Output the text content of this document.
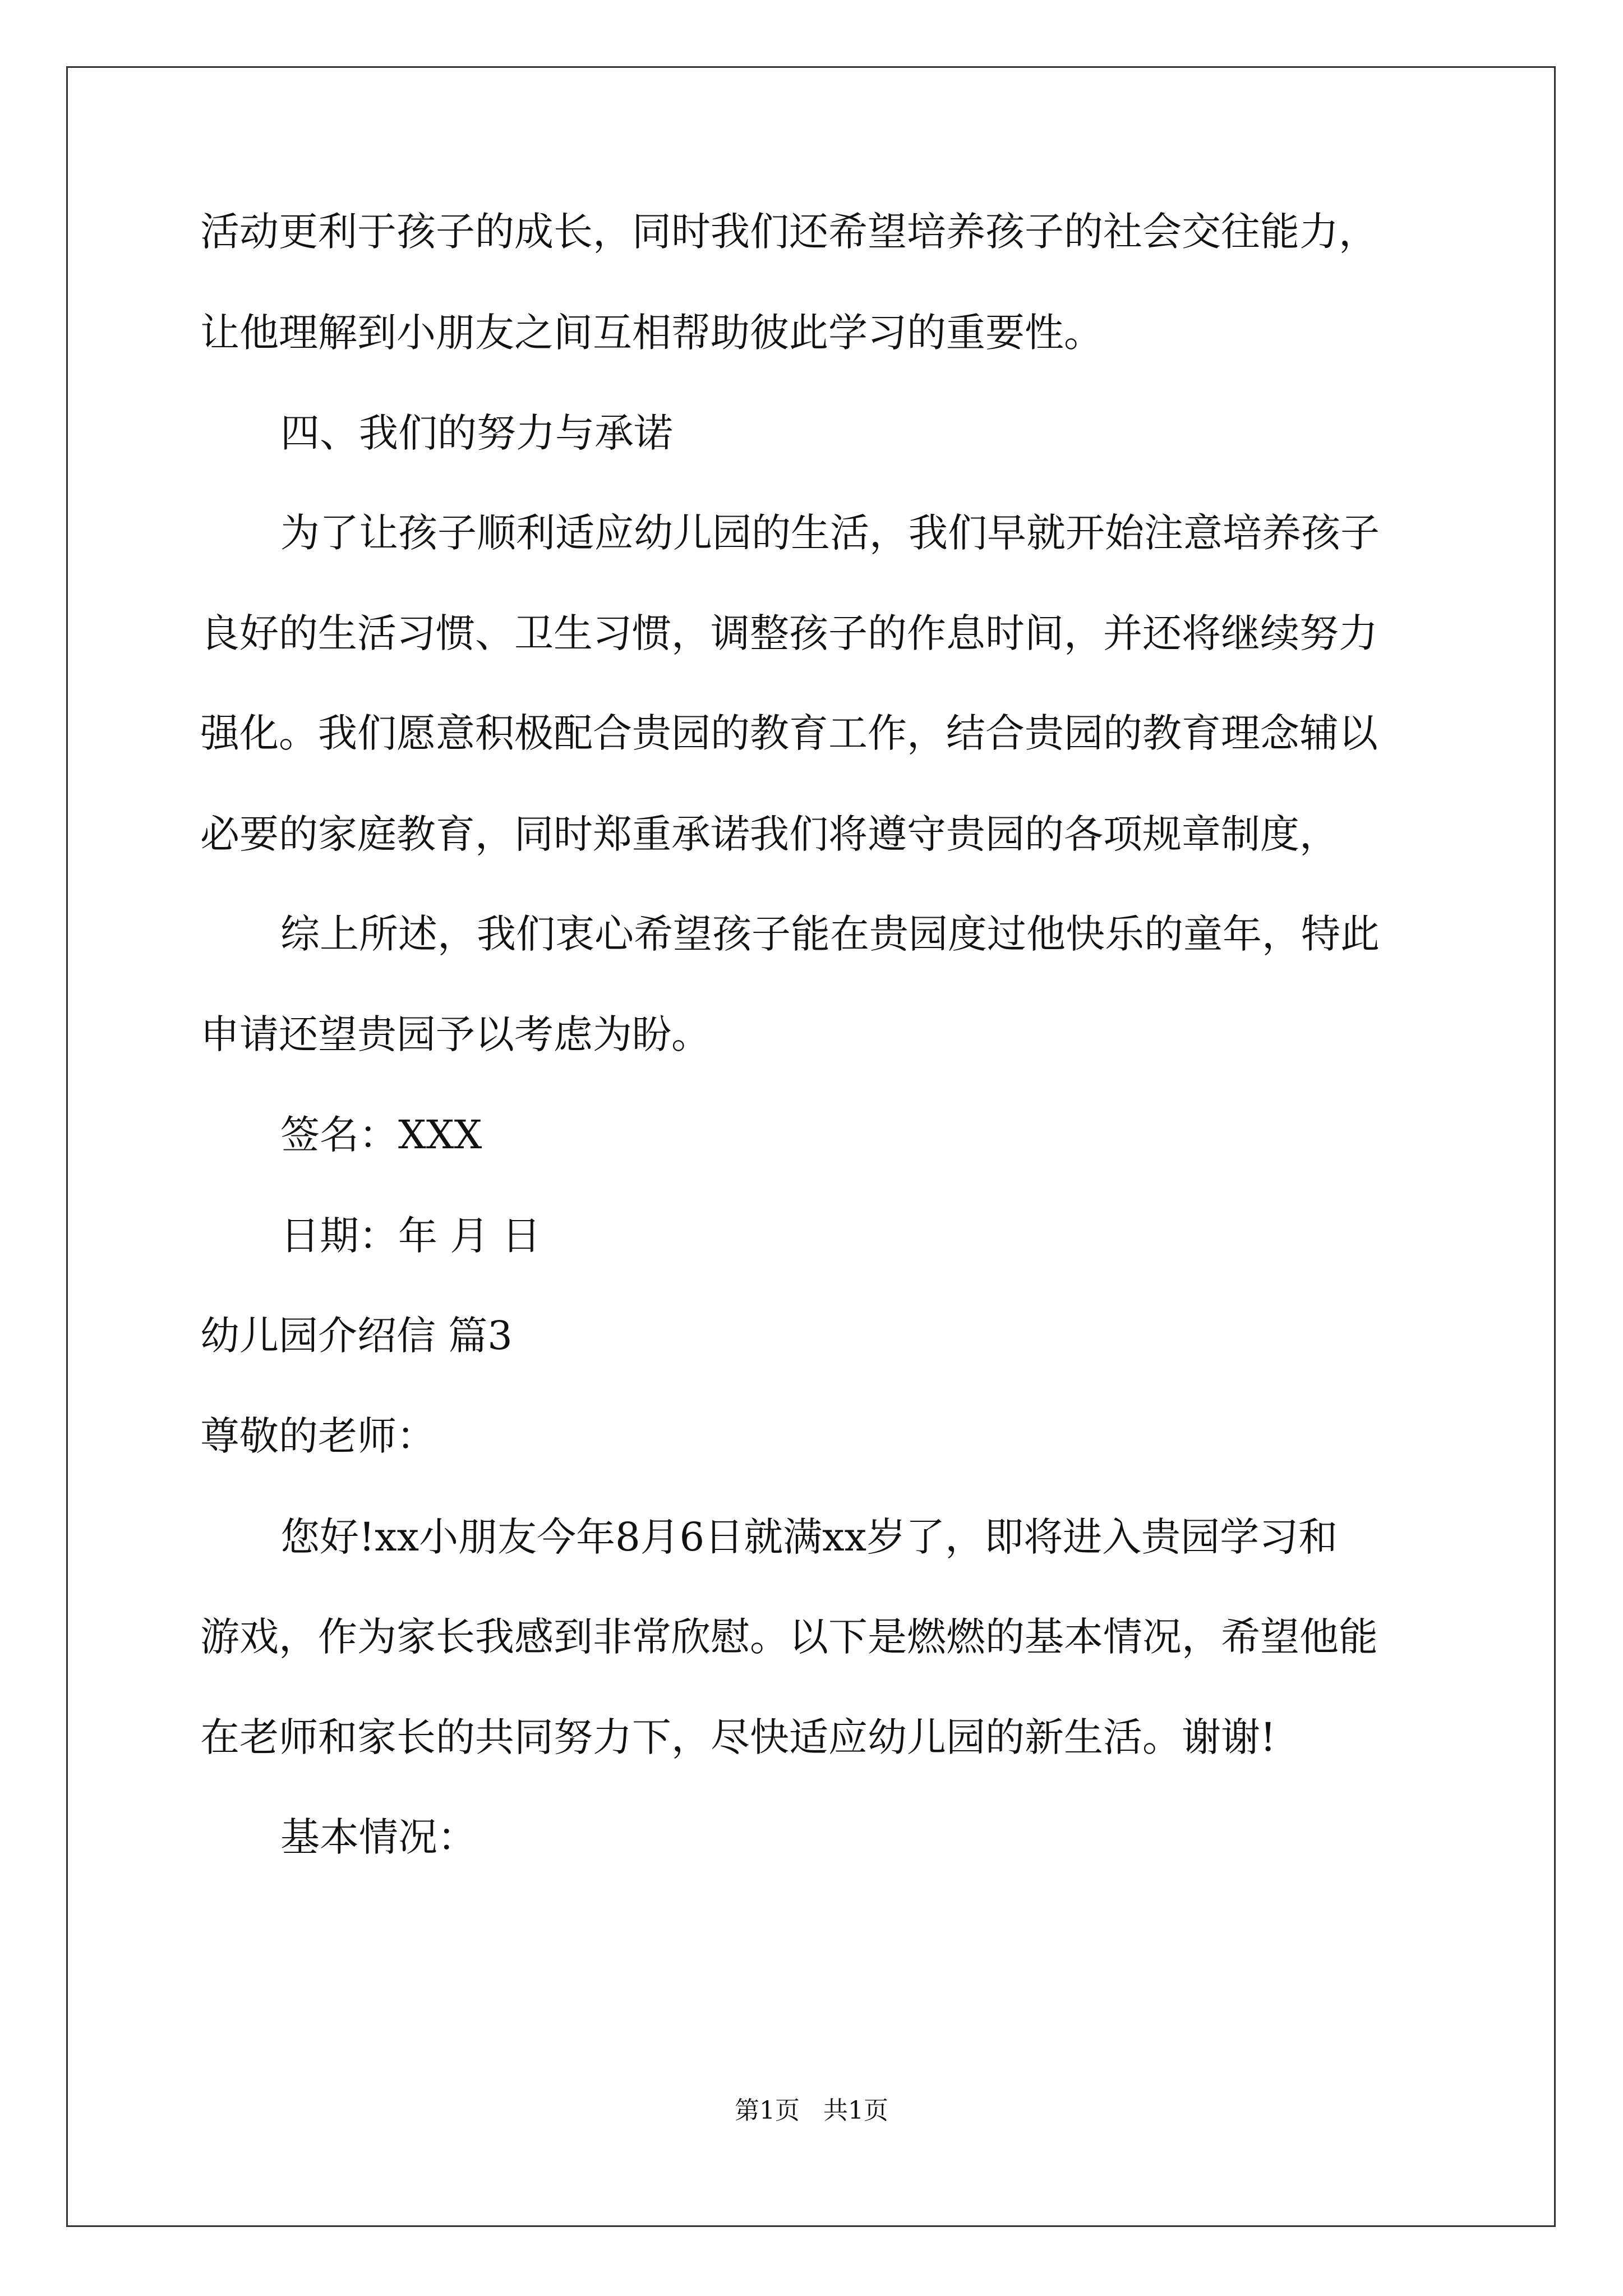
活动更利于孩子的成长，同时我们还希望培养孩子的社会交往能力，
让他理解到小朋友之间互相帮助彼此学习的重要性。
四、我们的努力与承诺
为了让孩子顺利适应幼儿园的生活，我们早就开始注意培养孩子
良好的生活习惯、卫生习惯，调整孩子的作息时间，并还将继续努力
强化。我们愿意积极配合贵园的教育工作，结合贵园的教育理念辅以
必要的家庭教育，同时郑重承诺我们将遵守贵园的各项规章制度，
综上所述，我们衷心希望孩子能在贵园度过他快乐的童年，特此
申请还望贵园予以考虑为盼。
签名：XXX
日期：年 月 日
幼儿园介绍信 篇3
尊敬的老师：
您好!xx小朋友今年8月6日就满xx岁了，即将进入贵园学习和
游戏，作为家长我感到非常欣慰。以下是燃燃的基本情况，希望他能
在老师和家长的共同努力下，尽快适应幼儿园的新生活。谢谢!
基本情况：
第1页   共1页
